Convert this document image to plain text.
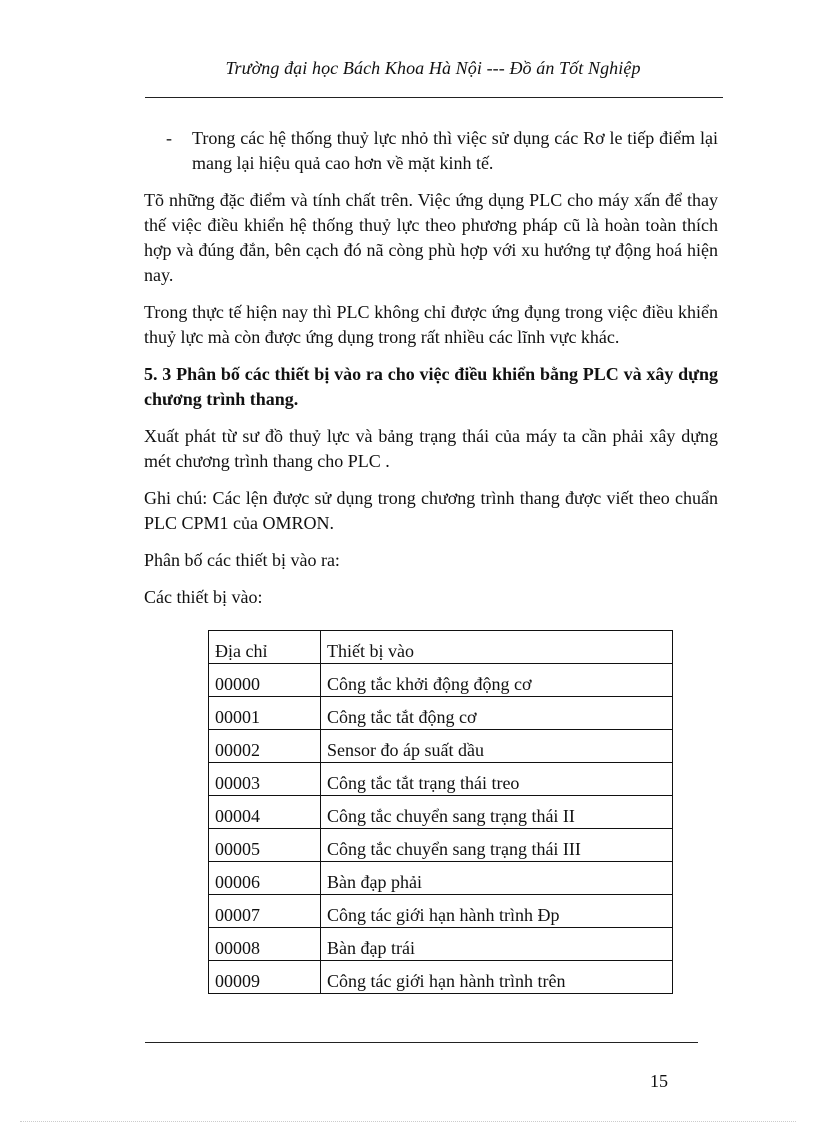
Trường đại học Bách Khoa Hà Nội --- Đồ án Tốt Nghiệp
- Trong các hệ thống thuỷ lực nhỏ thì việc sử dụng các Rơ le tiếp điểm lại mang lại hiệu quả cao hơn về mặt kinh tế.

Tõ những đặc điểm và tính chất trên. Việc ứng dụng PLC cho máy xấn để thay thế việc điều khiển hệ thống thuỷ lực theo phương pháp cũ là hoàn toàn thích hợp và đúng đắn, bên cạch đó nã còng phù hợp với xu hướng tự động hoá hiện nay.

Trong thực tế hiện nay thì PLC không chỉ được ứng đụng trong việc điều khiển thuỷ lực mà còn được ứng dụng trong rất nhiều các lĩnh vực khác.

5. 3 Phân bố các thiết bị vào ra cho việc điều khiển bằng PLC và xây dựng chương trình thang.

Xuất phát từ sư đồ thuỷ lực và bảng trạng thái của máy ta cần phải xây dựng mét chương trình thang cho PLC .

Ghi chú: Các lện được sử dụng trong chương trình thang được viết theo chuẩn PLC CPM1 của OMRON.

Phân bố các thiết bị vào ra:

Các thiết bị vào:

Địa chỉ	Thiết bị vào
00000	Công tắc khởi động động cơ
00001	Công tắc tắt động cơ
00002	Sensor đo áp suất dầu
00003	Công tắc tắt trạng thái treo
00004	Công tắc chuyển sang trạng thái II
00005	Công tắc chuyển sang trạng thái III
00006	Bàn đạp phải
00007	Công tác giới hạn hành trình Đp
00008	Bàn đạp trái
00009	Công tác giới hạn hành trình trên
15
